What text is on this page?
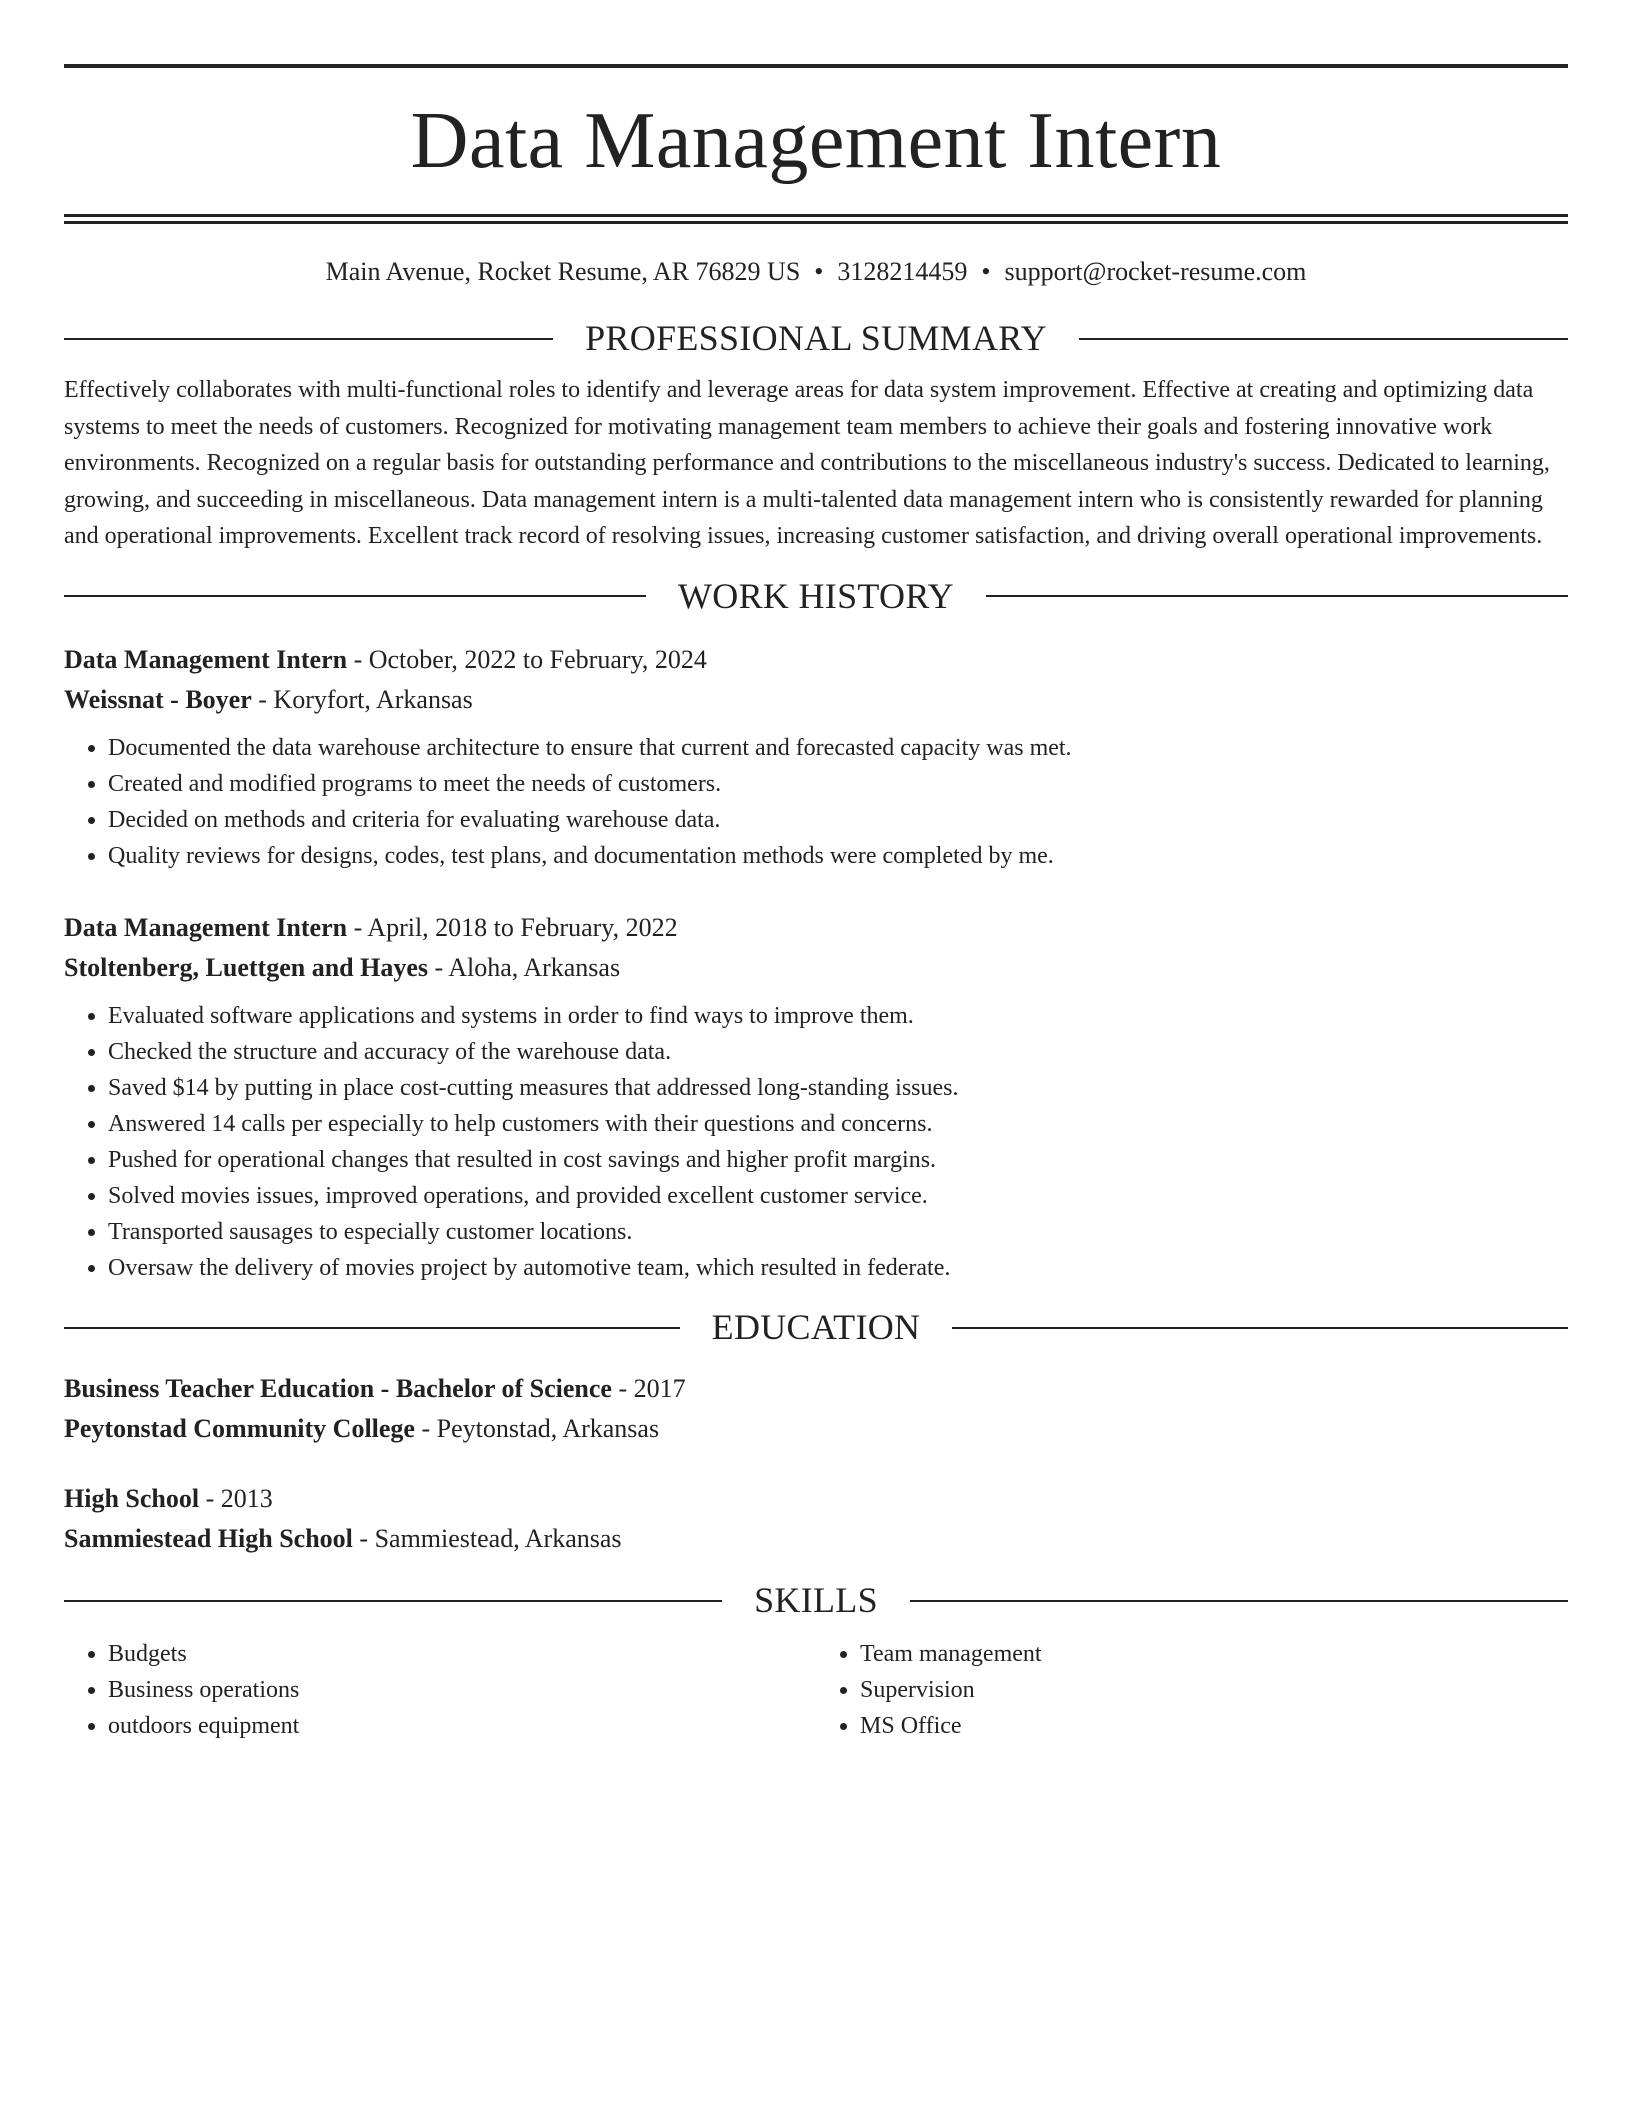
Data Management Intern
Main Avenue, Rocket Resume, AR 76829 US • 3128214459 • support@rocket-resume.com
PROFESSIONAL SUMMARY
Effectively collaborates with multi-functional roles to identify and leverage areas for data system improvement. Effective at creating and optimizing data systems to meet the needs of customers. Recognized for motivating management team members to achieve their goals and fostering innovative work environments. Recognized on a regular basis for outstanding performance and contributions to the miscellaneous industry's success. Dedicated to learning, growing, and succeeding in miscellaneous. Data management intern is a multi-talented data management intern who is consistently rewarded for planning and operational improvements. Excellent track record of resolving issues, increasing customer satisfaction, and driving overall operational improvements.
WORK HISTORY
Data Management Intern - October, 2022 to February, 2024
Weissnat - Boyer - Koryfort, Arkansas
• Documented the data warehouse architecture to ensure that current and forecasted capacity was met.
• Created and modified programs to meet the needs of customers.
• Decided on methods and criteria for evaluating warehouse data.
• Quality reviews for designs, codes, test plans, and documentation methods were completed by me.
Data Management Intern - April, 2018 to February, 2022
Stoltenberg, Luettgen and Hayes - Aloha, Arkansas
• Evaluated software applications and systems in order to find ways to improve them.
• Checked the structure and accuracy of the warehouse data.
• Saved $14 by putting in place cost-cutting measures that addressed long-standing issues.
• Answered 14 calls per especially to help customers with their questions and concerns.
• Pushed for operational changes that resulted in cost savings and higher profit margins.
• Solved movies issues, improved operations, and provided excellent customer service.
• Transported sausages to especially customer locations.
• Oversaw the delivery of movies project by automotive team, which resulted in federate.
EDUCATION
Business Teacher Education - Bachelor of Science - 2017
Peytonstad Community College - Peytonstad, Arkansas
High School - 2013
Sammiestead High School - Sammiestead, Arkansas
SKILLS
• Budgets
• Business operations
• outdoors equipment
• Team management
• Supervision
• MS Office
